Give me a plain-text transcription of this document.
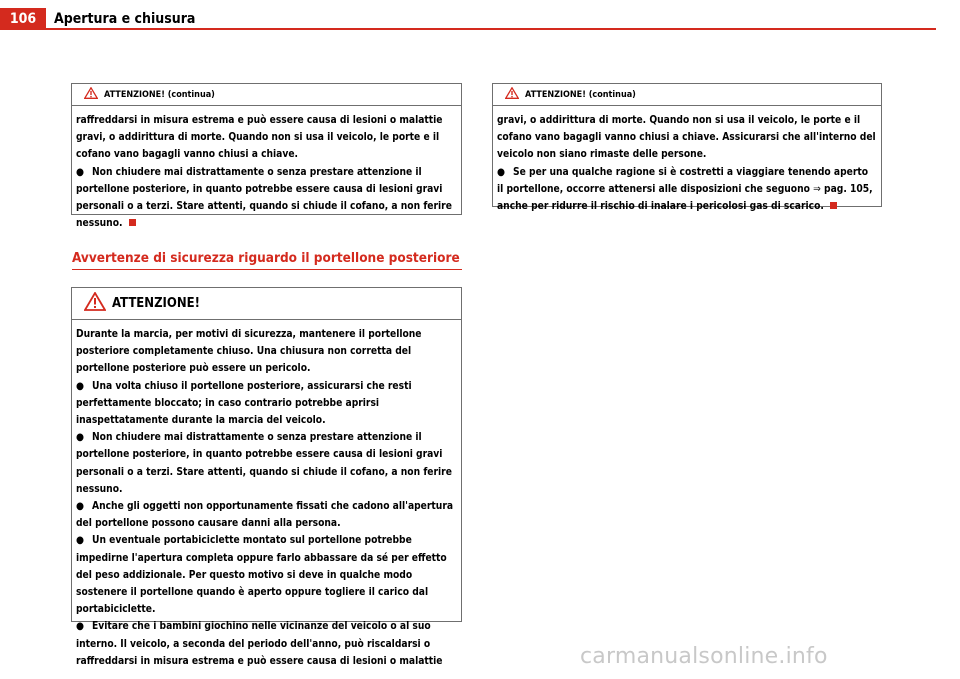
106	Apertura e chiusura
ATTENZIONE! (continua)

raffreddarsi in misura estrema e può essere causa di lesioni o malattie gravi, o addirittura di morte. Quando non si usa il veicolo, le porte e il cofano vano bagagli vanno chiusi a chiave.

● Non chiudere mai distrattamente o senza prestare attenzione il portellone posteriore, in quanto potrebbe essere causa di lesioni gravi personali o a terzi. Stare attenti, quando si chiude il cofano, a non ferire nessuno.

Avvertenze di sicurezza riguardo il portellone posteriore
ATTENZIONE!

Durante la marcia, per motivi di sicurezza, mantenere il portellone posteriore completamente chiuso. Una chiusura non corretta del portellone posteriore può essere un pericolo.

● Una volta chiuso il portellone posteriore, assicurarsi che resti perfettamente bloccato; in caso contrario potrebbe aprirsi inaspettatamente durante la marcia del veicolo.

● Non chiudere mai distrattamente o senza prestare attenzione il portellone posteriore, in quanto potrebbe essere causa di lesioni gravi personali o a terzi. Stare attenti, quando si chiude il cofano, a non ferire nessuno.

● Anche gli oggetti non opportunamente fissati che cadono all'apertura del portellone possono causare danni alla persona.

● Un eventuale portabiciclette montato sul portellone potrebbe impedirne l'apertura completa oppure farlo abbassare da sé per effetto del peso addizionale. Per questo motivo si deve in qualche modo sostenere il portellone quando è aperto oppure togliere il carico dal portabiciclette.

● Evitare che i bambini giochino nelle vicinanze del veicolo o al suo interno. Il veicolo, a seconda del periodo dell'anno, può riscaldarsi o raffreddarsi in misura estrema e può essere causa di lesioni o malattie

ATTENZIONE! (continua)

gravi, o addirittura di morte. Quando non si usa il veicolo, le porte e il cofano vano bagagli vanno chiusi a chiave. Assicurarsi che all'interno del veicolo non siano rimaste delle persone.

● Se per una qualche ragione si è costretti a viaggiare tenendo aperto il portellone, occorre attenersi alle disposizioni che seguono ⇒ pag. 105, anche per ridurre il rischio di inalare i pericolosi gas di scarico.

carmanualsonline.info
